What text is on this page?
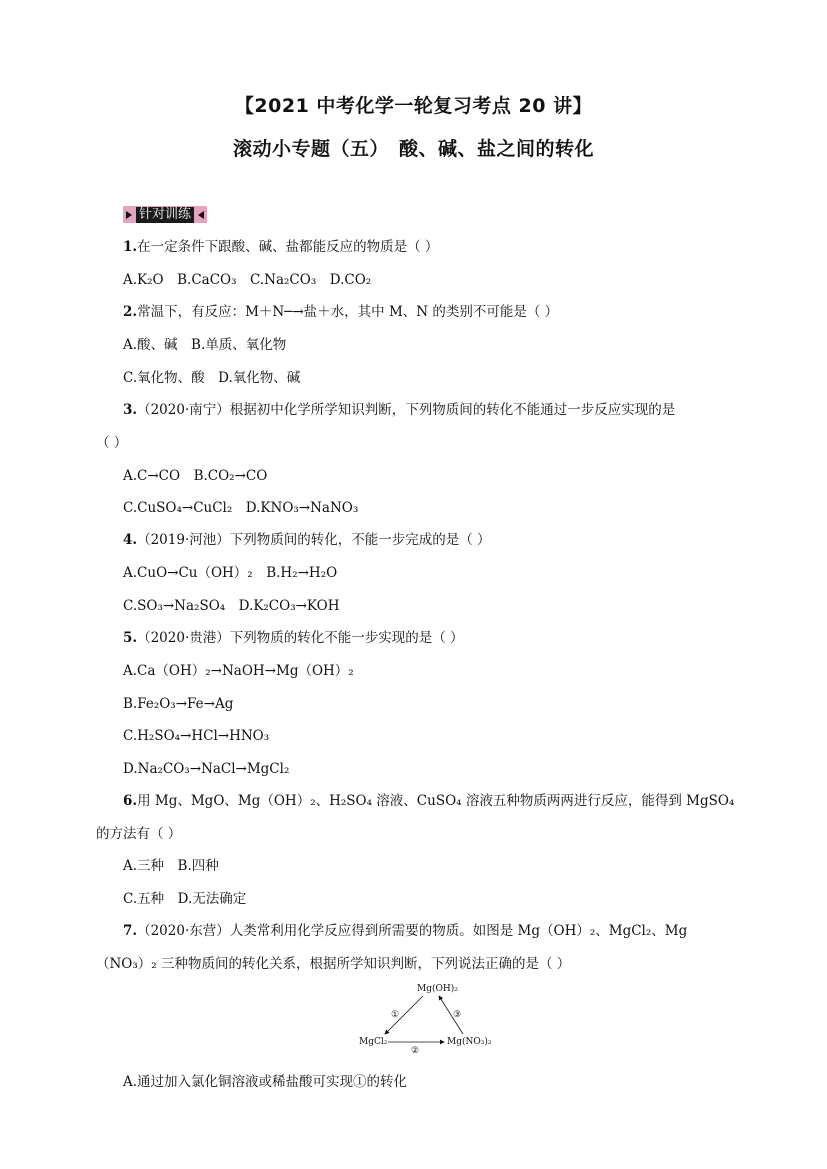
【2021 中考化学一轮复习考点 20 讲】
滚动小专题（五）　酸、碱、盐之间的转化
针对训练
1.在一定条件下跟酸、碱、盐都能反应的物质是（ ）
A.K₂O　B.CaCO₃　C.Na₂CO₃　D.CO₂
2.常温下，有反应：M＋N─→盐＋水，其中 M、N 的类别不可能是（ ）
A.酸、碱　B.单质、氧化物
C.氧化物、酸　D.氧化物、碱
3.（2020·南宁）根据初中化学所学知识判断，下列物质间的转化不能通过一步反应实现的是
（ ）
A.C→CO　B.CO₂→CO
C.CuSO₄→CuCl₂　D.KNO₃→NaNO₃
4.（2019·河池）下列物质间的转化，不能一步完成的是（ ）
A.CuO→Cu（OH）₂　B.H₂→H₂O
C.SO₃→Na₂SO₄　D.K₂CO₃→KOH
5.（2020·贵港）下列物质的转化不能一步实现的是（ ）
A.Ca（OH）₂→NaOH→Mg（OH）₂
B.Fe₂O₃→Fe→Ag
C.H₂SO₄→HCl→HNO₃
D.Na₂CO₃→NaCl→MgCl₂
6.用 Mg、MgO、Mg（OH）₂、H₂SO₄ 溶液、CuSO₄ 溶液五种物质两两进行反应，能得到 MgSO₄
的方法有（ ）
A.三种　B.四种
C.五种　D.无法确定
7.（2020·东营）人类常利用化学反应得到所需要的物质。如图是 Mg（OH）₂、MgCl₂、Mg
（NO₃）₂ 三种物质间的转化关系，根据所学知识判断，下列说法正确的是（ ）
Mg(OH)₂
MgCl₂	Mg(NO₃)₂
①
②
③
A.通过加入氯化铜溶液或稀盐酸可实现①的转化
